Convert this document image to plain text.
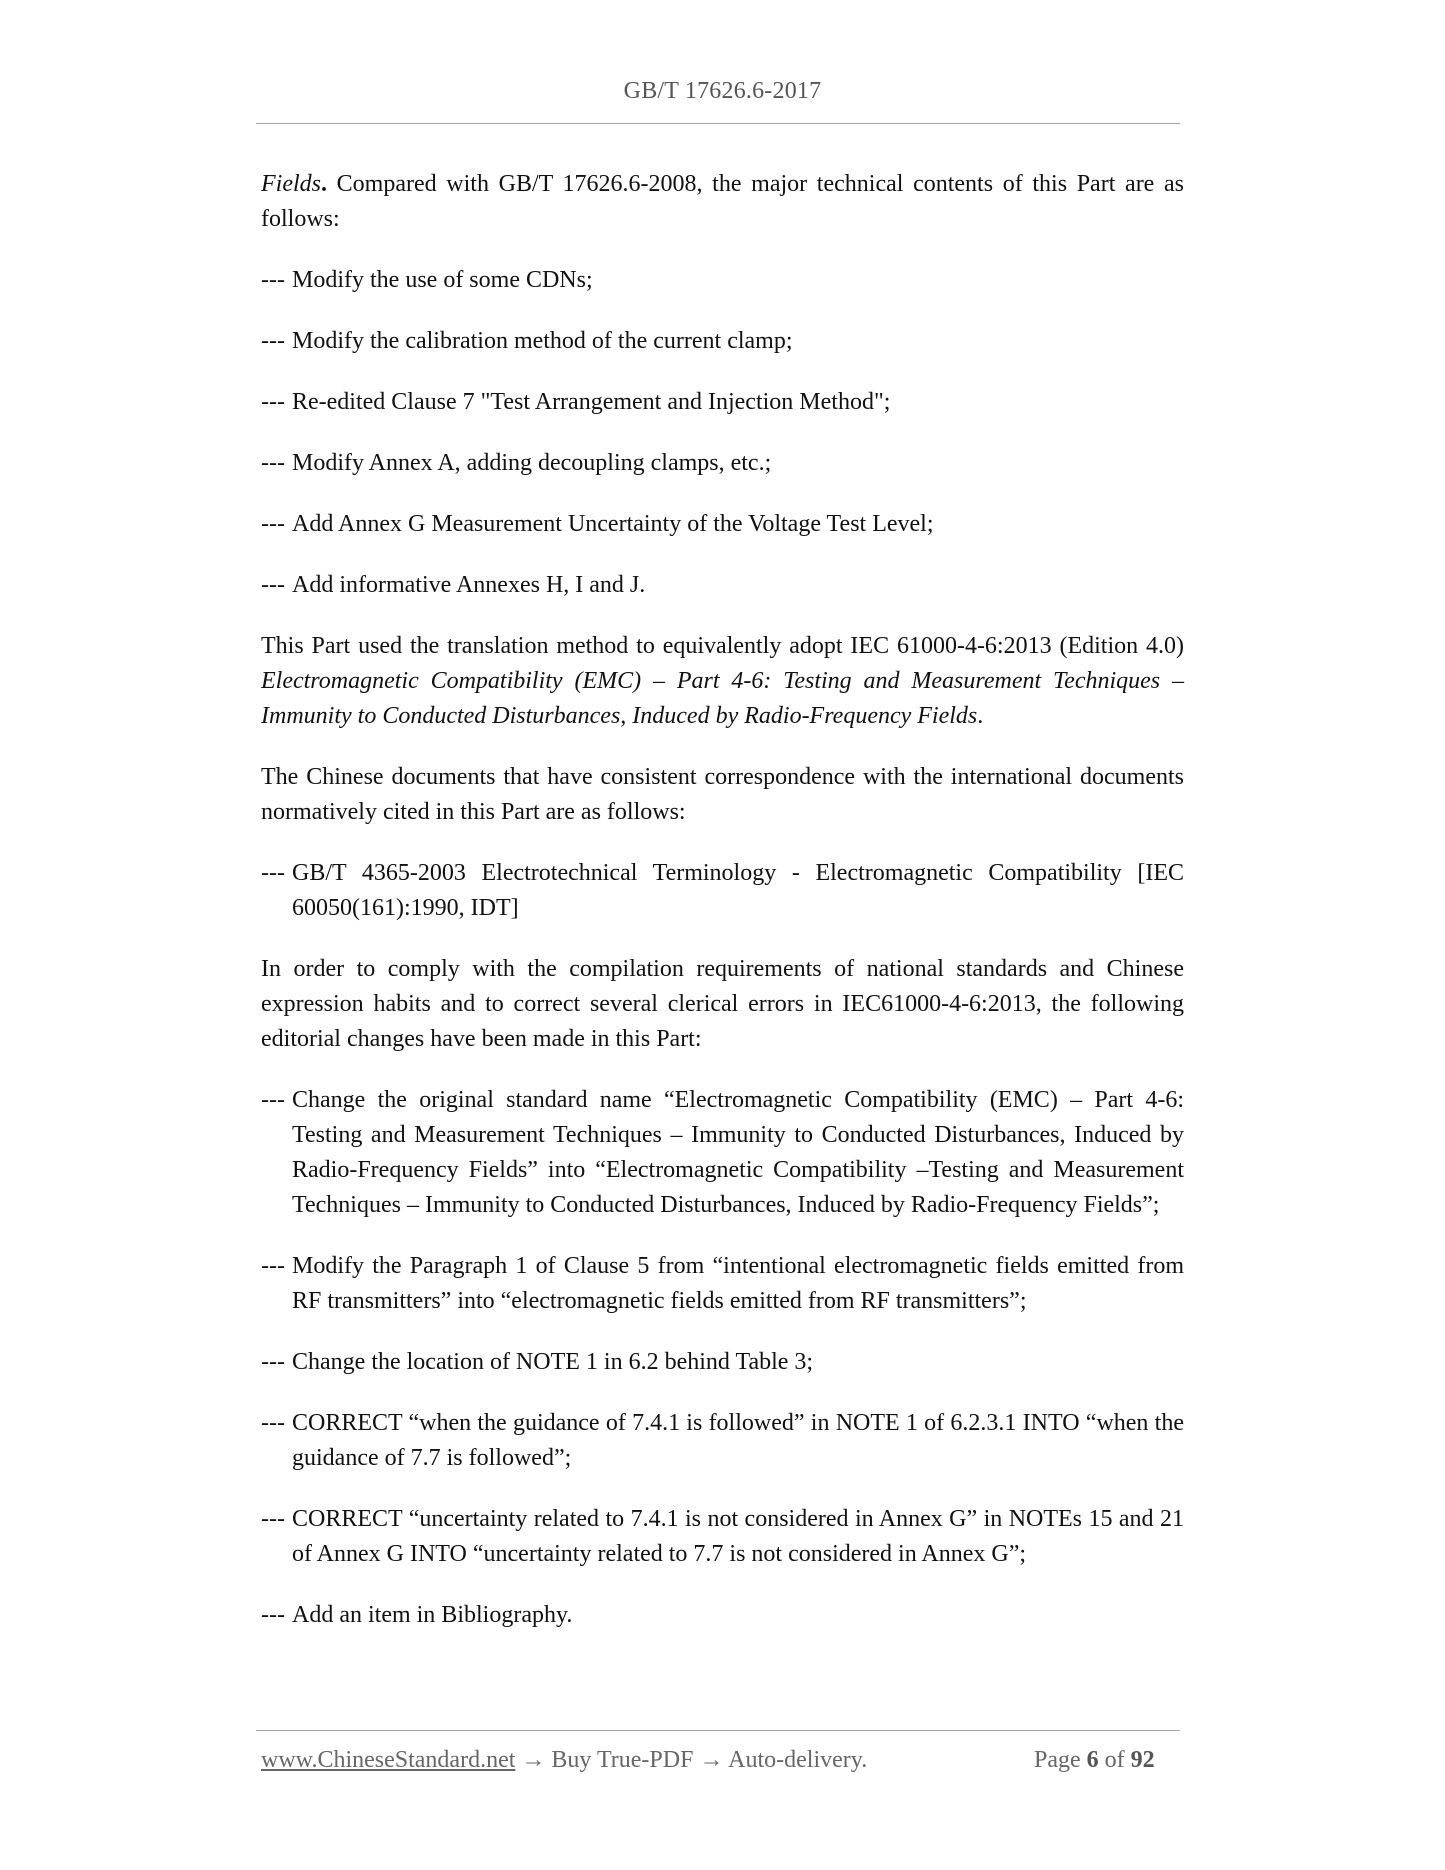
GB/T 17626.6-2017

Fields. Compared with GB/T 17626.6-2008, the major technical contents of this Part are as follows:

--- Modify the use of some CDNs;
--- Modify the calibration method of the current clamp;
--- Re-edited Clause 7 "Test Arrangement and Injection Method";
--- Modify Annex A, adding decoupling clamps, etc.;
--- Add Annex G Measurement Uncertainty of the Voltage Test Level;
--- Add informative Annexes H, I and J.

This Part used the translation method to equivalently adopt IEC 61000-4-6:2013 (Edition 4.0) Electromagnetic Compatibility (EMC) – Part 4-6: Testing and Measurement Techniques – Immunity to Conducted Disturbances, Induced by Radio-Frequency Fields.

The Chinese documents that have consistent correspondence with the international documents normatively cited in this Part are as follows:

--- GB/T 4365-2003 Electrotechnical Terminology - Electromagnetic Compatibility [IEC 60050(161):1990, IDT]

In order to comply with the compilation requirements of national standards and Chinese expression habits and to correct several clerical errors in IEC61000-4-6:2013, the following editorial changes have been made in this Part:

--- Change the original standard name “Electromagnetic Compatibility (EMC) – Part 4-6: Testing and Measurement Techniques – Immunity to Conducted Disturbances, Induced by Radio-Frequency Fields” into “Electromagnetic Compatibility –Testing and Measurement Techniques – Immunity to Conducted Disturbances, Induced by Radio-Frequency Fields”;
--- Modify the Paragraph 1 of Clause 5 from “intentional electromagnetic fields emitted from RF transmitters” into “electromagnetic fields emitted from RF transmitters”;
--- Change the location of NOTE 1 in 6.2 behind Table 3;
--- CORRECT “when the guidance of 7.4.1 is followed” in NOTE 1 of 6.2.3.1 INTO “when the guidance of 7.7 is followed”;
--- CORRECT “uncertainty related to 7.4.1 is not considered in Annex G” in NOTEs 15 and 21 of Annex G INTO “uncertainty related to 7.7 is not considered in Annex G”;
--- Add an item in Bibliography.
www.ChineseStandard.net → Buy True-PDF → Auto-delivery.	Page 6 of 92
